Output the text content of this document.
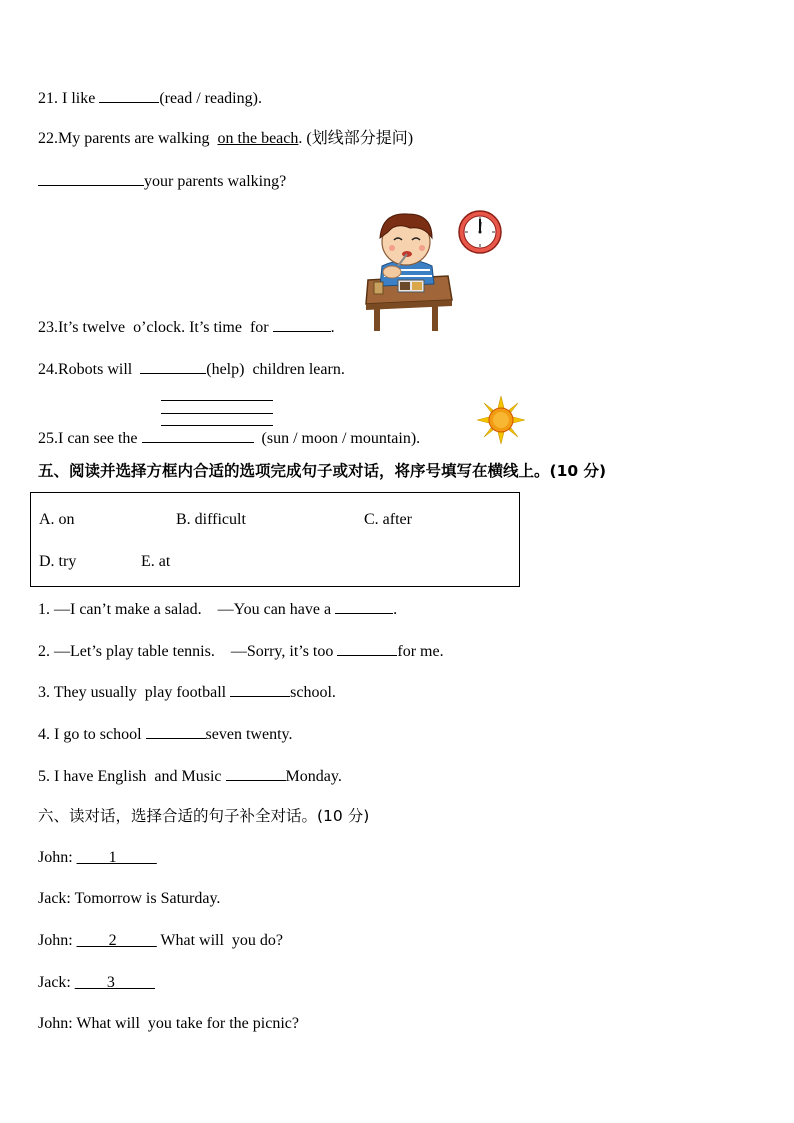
21. I like	(read / reading).
22.My parents are walking  on the beach. (划线部分提问)
your parents walking?
23.It’s twelve  o’clock. It’s time  for	.
24.Robots will	(help)  children learn.
25.I can see the	(sun / moon / mountain).
五、阅读并选择方框内合适的选项完成句子或对话，将序号填写在横线上。(10 分)
A. on	B. difficult	C. after
D. try	E. at
1. —I can’t make a salad.    —You can have a	.
2. —Let’s play table tennis.    —Sorry, it’s too	for me.
3. They usually  play football	school.
4. I go to school	seven twenty.
5. I have English  and Music	Monday.
六、读对话，选择合适的句子补全对话。(10 分)
John: ____1_____
Jack: Tomorrow is Saturday.
John: ____2_____ What will  you do?
Jack: ____3_____
John: What will  you take for the picnic?
